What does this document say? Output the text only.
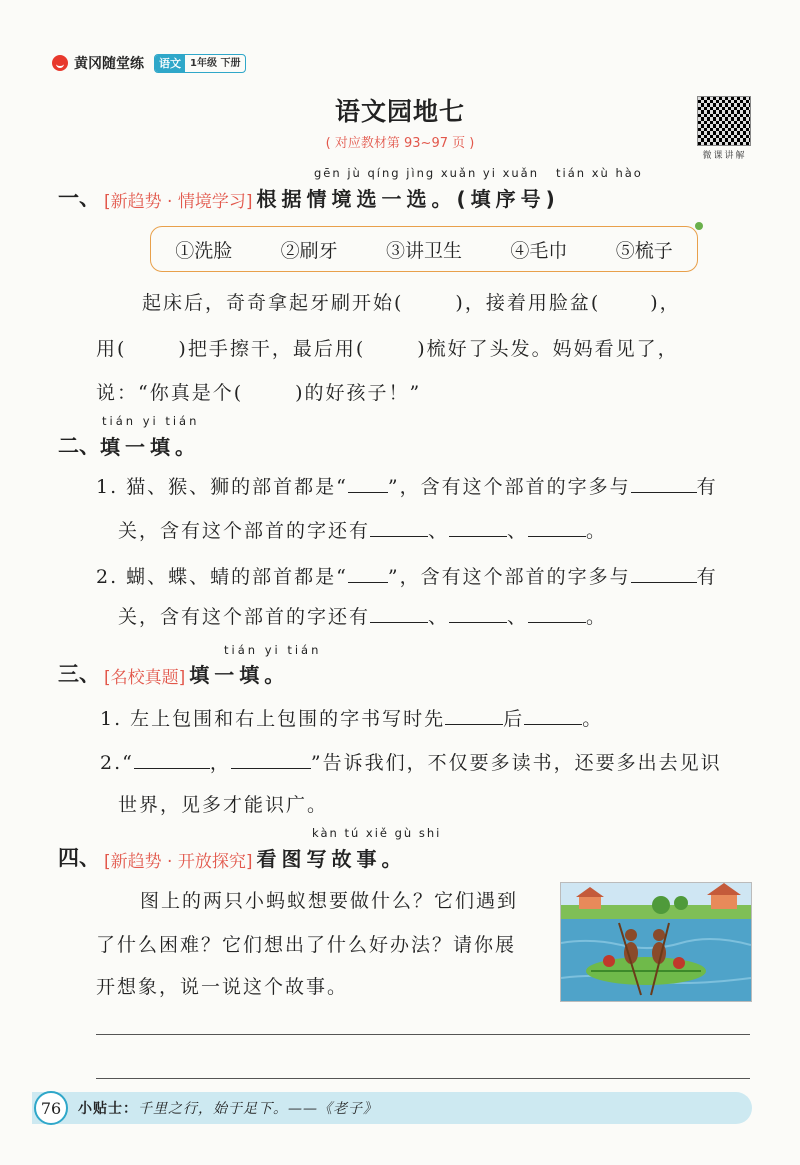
黄冈随堂练	语文 1年级 下册
语文园地七
( 对应教材第 93~97 页 )
微课讲解
gēn jù qíng jìng xuǎn yi xuǎn tián xù hào
一、 [新趋势 · 情境学习] 根据情境选一选。(填序号)
①洗脸	②刷牙	③讲卫生	④毛巾	⑤梳子
起床后，奇奇拿起牙刷开始(	)，接着用脸盆(	)，
用(	)把手擦干，最后用(	)梳好了头发。妈妈看见了，
说：“你真是个(	)的好孩子！”
tián yi tián
二、 填一填。
1. 猫、猴、狮的部首都是“ ”，含有这个部首的字多与	有
关，含有这个部首的字还有	、	、	。
2. 蝴、蝶、蜻的部首都是“ ”，含有这个部首的字多与	有
关，含有这个部首的字还有	、	、	。
tián yi tián
三、 [名校真题] 填一填。
1. 左上包围和右上包围的字书写时先	后	。
2.“	，	”告诉我们，不仅要多读书，还要多出去见识
世界，见多才能识广。
kàn tú xiě gù shi
四、 [新趋势 · 开放探究] 看图写故事。
图上的两只小蚂蚁想要做什么？它们遇到
了什么困难？它们想出了什么好办法？请你展
开想象，说一说这个故事。
76	小贴士：千里之行，始于足下。——《老子》
